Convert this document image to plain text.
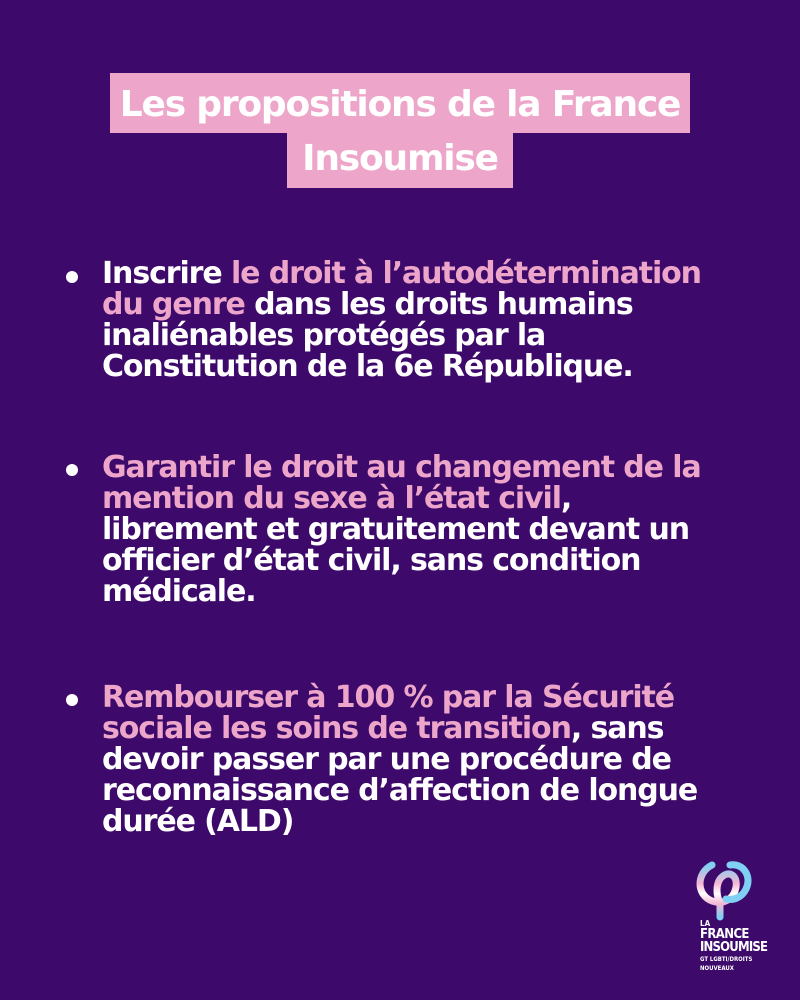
Les propositions de la France
Insoumise
Inscrire le droit à l’autodétermination
du genre dans les droits humains
inaliénables protégés par la
Constitution de la 6e République.
Garantir le droit au changement de la
mention du sexe à l’état civil,
librement et gratuitement devant un
officier d’état civil, sans condition
médicale.
Rembourser à 100 % par la Sécurité
sociale les soins de transition, sans
devoir passer par une procédure de
reconnaissance d’affection de longue
durée (ALD)
LA
FRANCE
INSOUMISE
GT LGBTI/DROITS
NOUVEAUX
